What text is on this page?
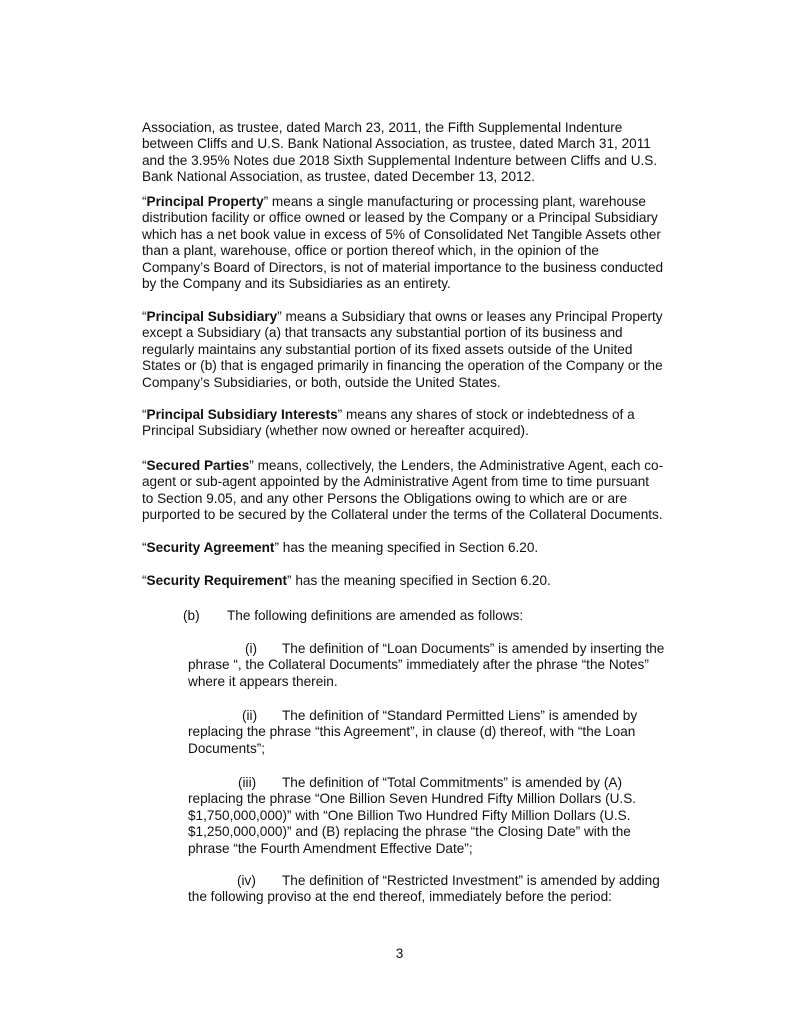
Association, as trustee, dated March 23, 2011, the Fifth Supplemental Indenture
between Cliffs and U.S. Bank National Association, as trustee, dated March 31, 2011
and the 3.95% Notes due 2018 Sixth Supplemental Indenture between Cliffs and U.S.
Bank National Association, as trustee, dated December 13, 2012.
“Principal Property” means a single manufacturing or processing plant, warehouse
distribution facility or office owned or leased by the Company or a Principal Subsidiary
which has a net book value in excess of 5% of Consolidated Net Tangible Assets other
than a plant, warehouse, office or portion thereof which, in the opinion of the
Company’s Board of Directors, is not of material importance to the business conducted
by the Company and its Subsidiaries as an entirety.
“Principal Subsidiary” means a Subsidiary that owns or leases any Principal Property
except a Subsidiary (a) that transacts any substantial portion of its business and
regularly maintains any substantial portion of its fixed assets outside of the United
States or (b) that is engaged primarily in financing the operation of the Company or the
Company’s Subsidiaries, or both, outside the United States.
“Principal Subsidiary Interests” means any shares of stock or indebtedness of a
Principal Subsidiary (whether now owned or hereafter acquired).
“Secured Parties” means, collectively, the Lenders, the Administrative Agent, each co-
agent or sub-agent appointed by the Administrative Agent from time to time pursuant
to Section 9.05, and any other Persons the Obligations owing to which are or are
purported to be secured by the Collateral under the terms of the Collateral Documents.
“Security Agreement” has the meaning specified in Section 6.20.
“Security Requirement” has the meaning specified in Section 6.20.
(b) The following definitions are amended as follows:
(i) The definition of “Loan Documents” is amended by inserting the
phrase “, the Collateral Documents” immediately after the phrase “the Notes”
where it appears therein.
(ii) The definition of “Standard Permitted Liens” is amended by
replacing the phrase “this Agreement”, in clause (d) thereof, with “the Loan
Documents”;
(iii) The definition of “Total Commitments” is amended by (A)
replacing the phrase “One Billion Seven Hundred Fifty Million Dollars (U.S.
$1,750,000,000)” with “One Billion Two Hundred Fifty Million Dollars (U.S.
$1,250,000,000)” and (B) replacing the phrase “the Closing Date” with the
phrase “the Fourth Amendment Effective Date”;
(iv) The definition of “Restricted Investment” is amended by adding
the following proviso at the end thereof, immediately before the period:
3
